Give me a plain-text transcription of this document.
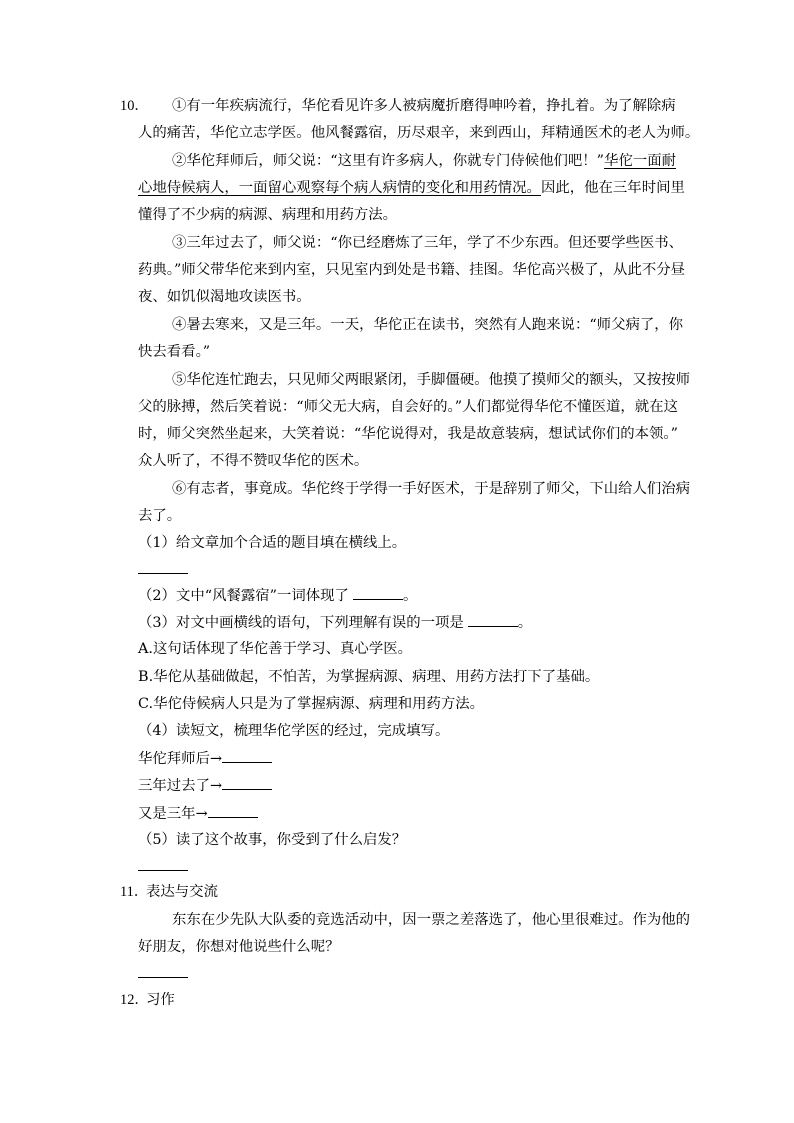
10． ①有一年疾病流行，华佗看见许多人被病魔折磨得呻吟着，挣扎着。为了解除病
人的痛苦，华佗立志学医。他风餐露宿，历尽艰辛，来到西山，拜精通医术的老人为师。
②华佗拜师后，师父说：“这里有许多病人，你就专门侍候他们吧！”华佗一面耐
心地侍候病人，一面留心观察每个病人病情的变化和用药情况。因此，他在三年时间里
懂得了不少病的病源、病理和用药方法。
③三年过去了，师父说：“你已经磨炼了三年，学了不少东西。但还要学些医书、
药典。”师父带华佗来到内室，只见室内到处是书籍、挂图。华佗高兴极了，从此不分昼
夜、如饥似渴地攻读医书。
④暑去寒来，又是三年。一天，华佗正在读书，突然有人跑来说：“师父病了，你
快去看看。”
⑤华佗连忙跑去，只见师父两眼紧闭，手脚僵硬。他摸了摸师父的额头，又按按师
父的脉搏，然后笑着说：“师父无大病，自会好的。”人们都觉得华佗不懂医道，就在这
时，师父突然坐起来，大笑着说：“华佗说得对，我是故意装病，想试试你们的本领。”
众人听了，不得不赞叹华佗的医术。
⑥有志者，事竟成。华佗终于学得一手好医术，于是辞别了师父，下山给人们治病
去了。
（1）给文章加个合适的题目填在横线上。
（2）文中“风餐露宿”一词体现了	。
（3）对文中画横线的语句，下列理解有误的一项是	。
A.这句话体现了华佗善于学习、真心学医。
B.华佗从基础做起，不怕苦，为掌握病源、病理、用药方法打下了基础。
C.华佗侍候病人只是为了掌握病源、病理和用药方法。
（4）读短文，梳理华佗学医的经过，完成填写。
华佗拜师后→
三年过去了→
又是三年→
（5）读了这个故事，你受到了什么启发？
11．
表达与交流
东东在少先队大队委的竞选活动中，因一票之差落选了，他心里很难过。作为他的
好朋友，你想对他说些什么呢？
12．
习作
